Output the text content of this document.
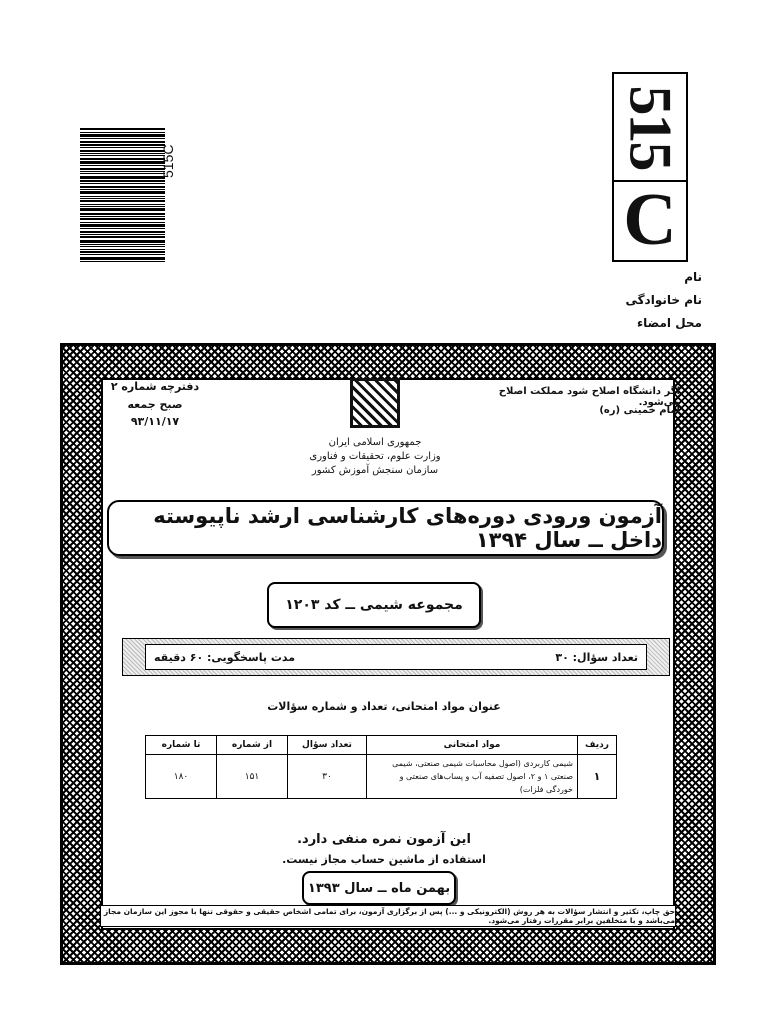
515C	515
C
نام
نام خانوادگی
محل امضاء
اگر دانشگاه اصلاح شود مملکت اصلاح می‌شود.
امام خمینی (ره)
دفترچه شماره ۲
صبح جمعه
۹۳/۱۱/۱۷
جمهوری اسلامی ایران
وزارت علوم، تحقیقات و فناوری
سازمان سنجش آموزش کشور
آزمون ورودی دوره‌های کارشناسی ارشد ناپیوسته داخل ــ سال ۱۳۹۴
مجموعه شیمی ــ کد ۱۲۰۳
تعداد سؤال: ۳۰
مدت پاسخگویی: ۶۰ دقیقه
عنوان مواد امتحانی، تعداد و شماره سؤالات
ردیف	مواد امتحانی	تعداد سؤال	از شماره	تا شماره
۱	شیمی کاربردی (اصول محاسبات شیمی صنعتی، شیمی صنعتی ۱ و ۲، اصول تصفیه آب و پساب‌های صنعتی و خوردگی فلزات)	۳۰	۱۵۱	۱۸۰
این آزمون نمره منفی دارد.
استفاده از ماشین حساب مجاز نیست.
بهمن ماه ــ سال ۱۳۹۳
حق چاپ، تکثیر و انتشار سؤالات به هر روش (الکترونیکی و ...) پس از برگزاری آزمون، برای تمامی اشخاص حقیقی و حقوقی تنها با مجوز این سازمان مجاز می‌باشد و با متخلفین برابر مقررات رفتار می‌شود.
